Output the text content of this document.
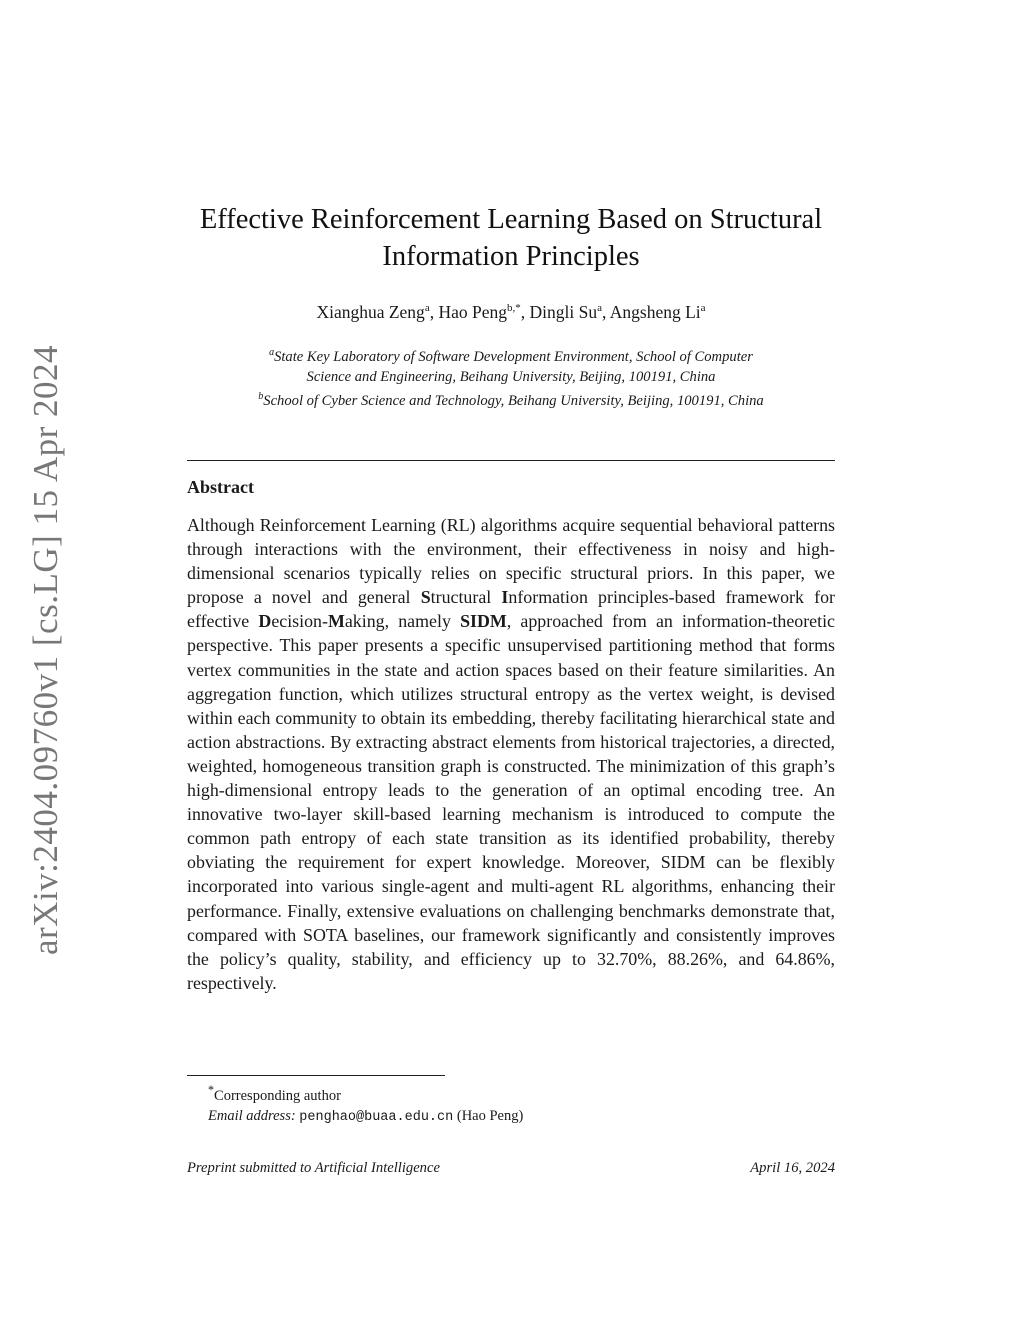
arXiv:2404.09760v1 [cs.LG] 15 Apr 2024
Effective Reinforcement Learning Based on Structural
Information Principles
Xianghua Zeng$^a$, Hao Peng$^{b,*}$, Dingli Su$^a$, Angsheng Li$^a$
$^a$State Key Laboratory of Software Development Environment, School of Computer
Science and Engineering, Beihang University, Beijing, 100191, China
$^b$School of Cyber Science and Technology, Beihang University, Beijing, 100191, China
Abstract
Although Reinforcement Learning (RL) algorithms acquire sequential behavioral patterns through interactions with the environment, their effectiveness in noisy and high-dimensional scenarios typically relies on specific structural priors. In this paper, we propose a novel and general Structural Information principles-based framework for effective Decision-Making, namely SIDM, approached from an information-theoretic perspective. This paper presents a specific unsupervised partitioning method that forms vertex communities in the state and action spaces based on their feature similarities. An aggregation function, which utilizes structural entropy as the vertex weight, is devised within each community to obtain its embedding, thereby facilitating hierarchical state and action abstractions. By extracting abstract elements from historical trajectories, a directed, weighted, homogeneous transition graph is constructed. The minimization of this graph’s high-dimensional entropy leads to the generation of an optimal encoding tree. An innovative two-layer skill-based learning mechanism is introduced to compute the common path entropy of each state transition as its identified probability, thereby obviating the requirement for expert knowledge. Moreover, SIDM can be flexibly incorporated into various single-agent and multi-agent RL algorithms, enhancing their performance. Finally, extensive evaluations on challenging benchmarks demonstrate that, compared with SOTA baselines, our framework significantly and consistently improves the policy’s quality, stability, and efficiency up to 32.70%, 88.26%, and 64.86%, respectively.
*Corresponding author
Email address: penghao@buaa.edu.cn (Hao Peng)
Preprint submitted to Artificial Intelligence	April 16, 2024
